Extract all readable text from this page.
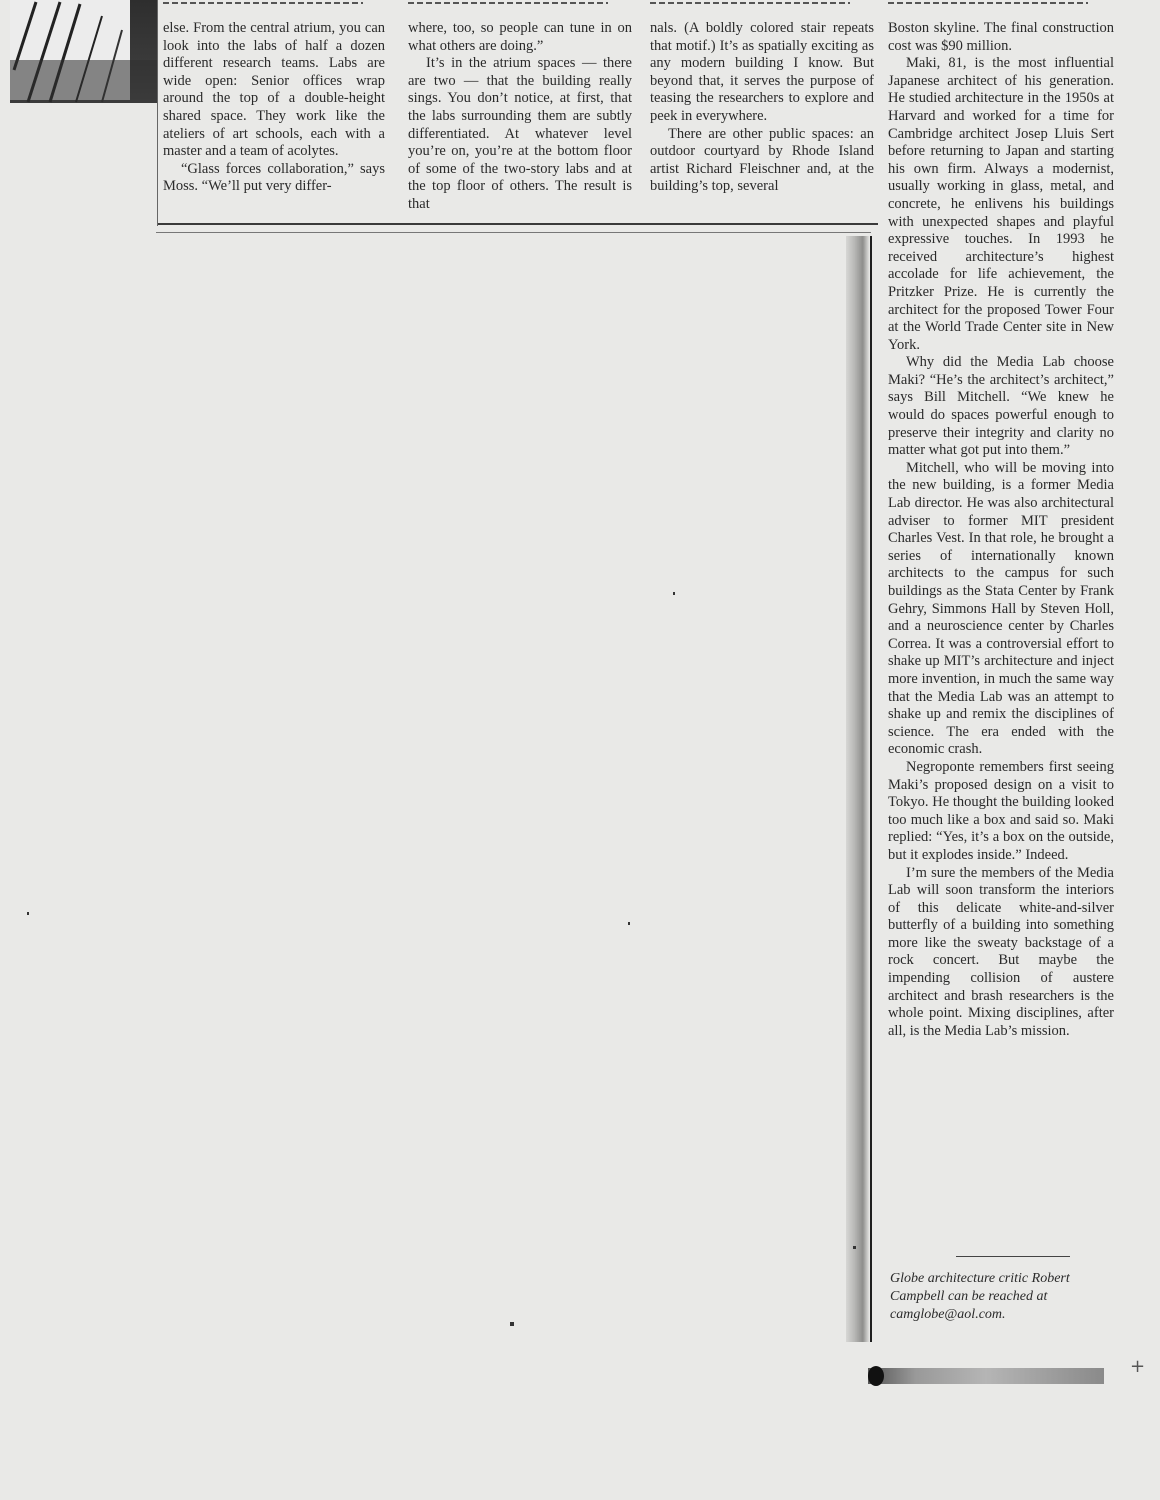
else. From the central atrium, you can look into the labs of half a dozen different research teams. Labs are wide open: Senior offices wrap around the top of a double-height shared space. They work like the ateliers of art schools, each with a master and a team of acolytes.

“Glass forces collaboration,” says Moss. “We’ll put very differ-

where, too, so people can tune in on what others are doing.”

It’s in the atrium spaces — there are two — that the building really sings. You don’t notice, at first, that the labs surrounding them are subtly differentiated. At whatever level you’re on, you’re at the bottom floor of some of the two-story labs and at the top floor of others. The result is that

nals. (A boldly colored stair repeats that motif.) It’s as spatially exciting as any modern building I know. But beyond that, it serves the purpose of teasing the researchers to explore and peek in everywhere.

There are other public spaces: an outdoor courtyard by Rhode Island artist Richard Fleischner and, at the building’s top, several

Boston skyline. The final construction cost was $90 million.

Maki, 81, is the most influential Japanese architect of his generation. He studied architecture in the 1950s at Harvard and worked for a time for Cambridge architect Josep Lluis Sert before returning to Japan and starting his own firm. Always a modernist, usually working in glass, metal, and concrete, he enlivens his buildings with unexpected shapes and playful expressive touches. In 1993 he received architecture’s highest accolade for life achievement, the Pritzker Prize. He is currently the architect for the proposed Tower Four at the World Trade Center site in New York.

Why did the Media Lab choose Maki? “He’s the architect’s architect,” says Bill Mitchell. “We knew he would do spaces powerful enough to preserve their integrity and clarity no matter what got put into them.”

Mitchell, who will be moving into the new building, is a former Media Lab director. He was also architectural adviser to former MIT president Charles Vest. In that role, he brought a series of internationally known architects to the campus for such buildings as the Stata Center by Frank Gehry, Simmons Hall by Steven Holl, and a neuroscience center by Charles Correa. It was a controversial effort to shake up MIT’s architecture and inject more invention, in much the same way that the Media Lab was an attempt to shake up and remix the disciplines of science. The era ended with the economic crash.

Negroponte remembers first seeing Maki’s proposed design on a visit to Tokyo. He thought the building looked too much like a box and said so. Maki replied: “Yes, it’s a box on the outside, but it explodes inside.” Indeed.

I’m sure the members of the Media Lab will soon transform the interiors of this delicate white-and-silver butterfly of a building into something more like the sweaty backstage of a rock concert. But maybe the impending collision of austere architect and brash researchers is the whole point. Mixing disciplines, after all, is the Media Lab’s mission.

Globe architecture critic Robert Campbell can be reached at camglobe@aol.com.
+
